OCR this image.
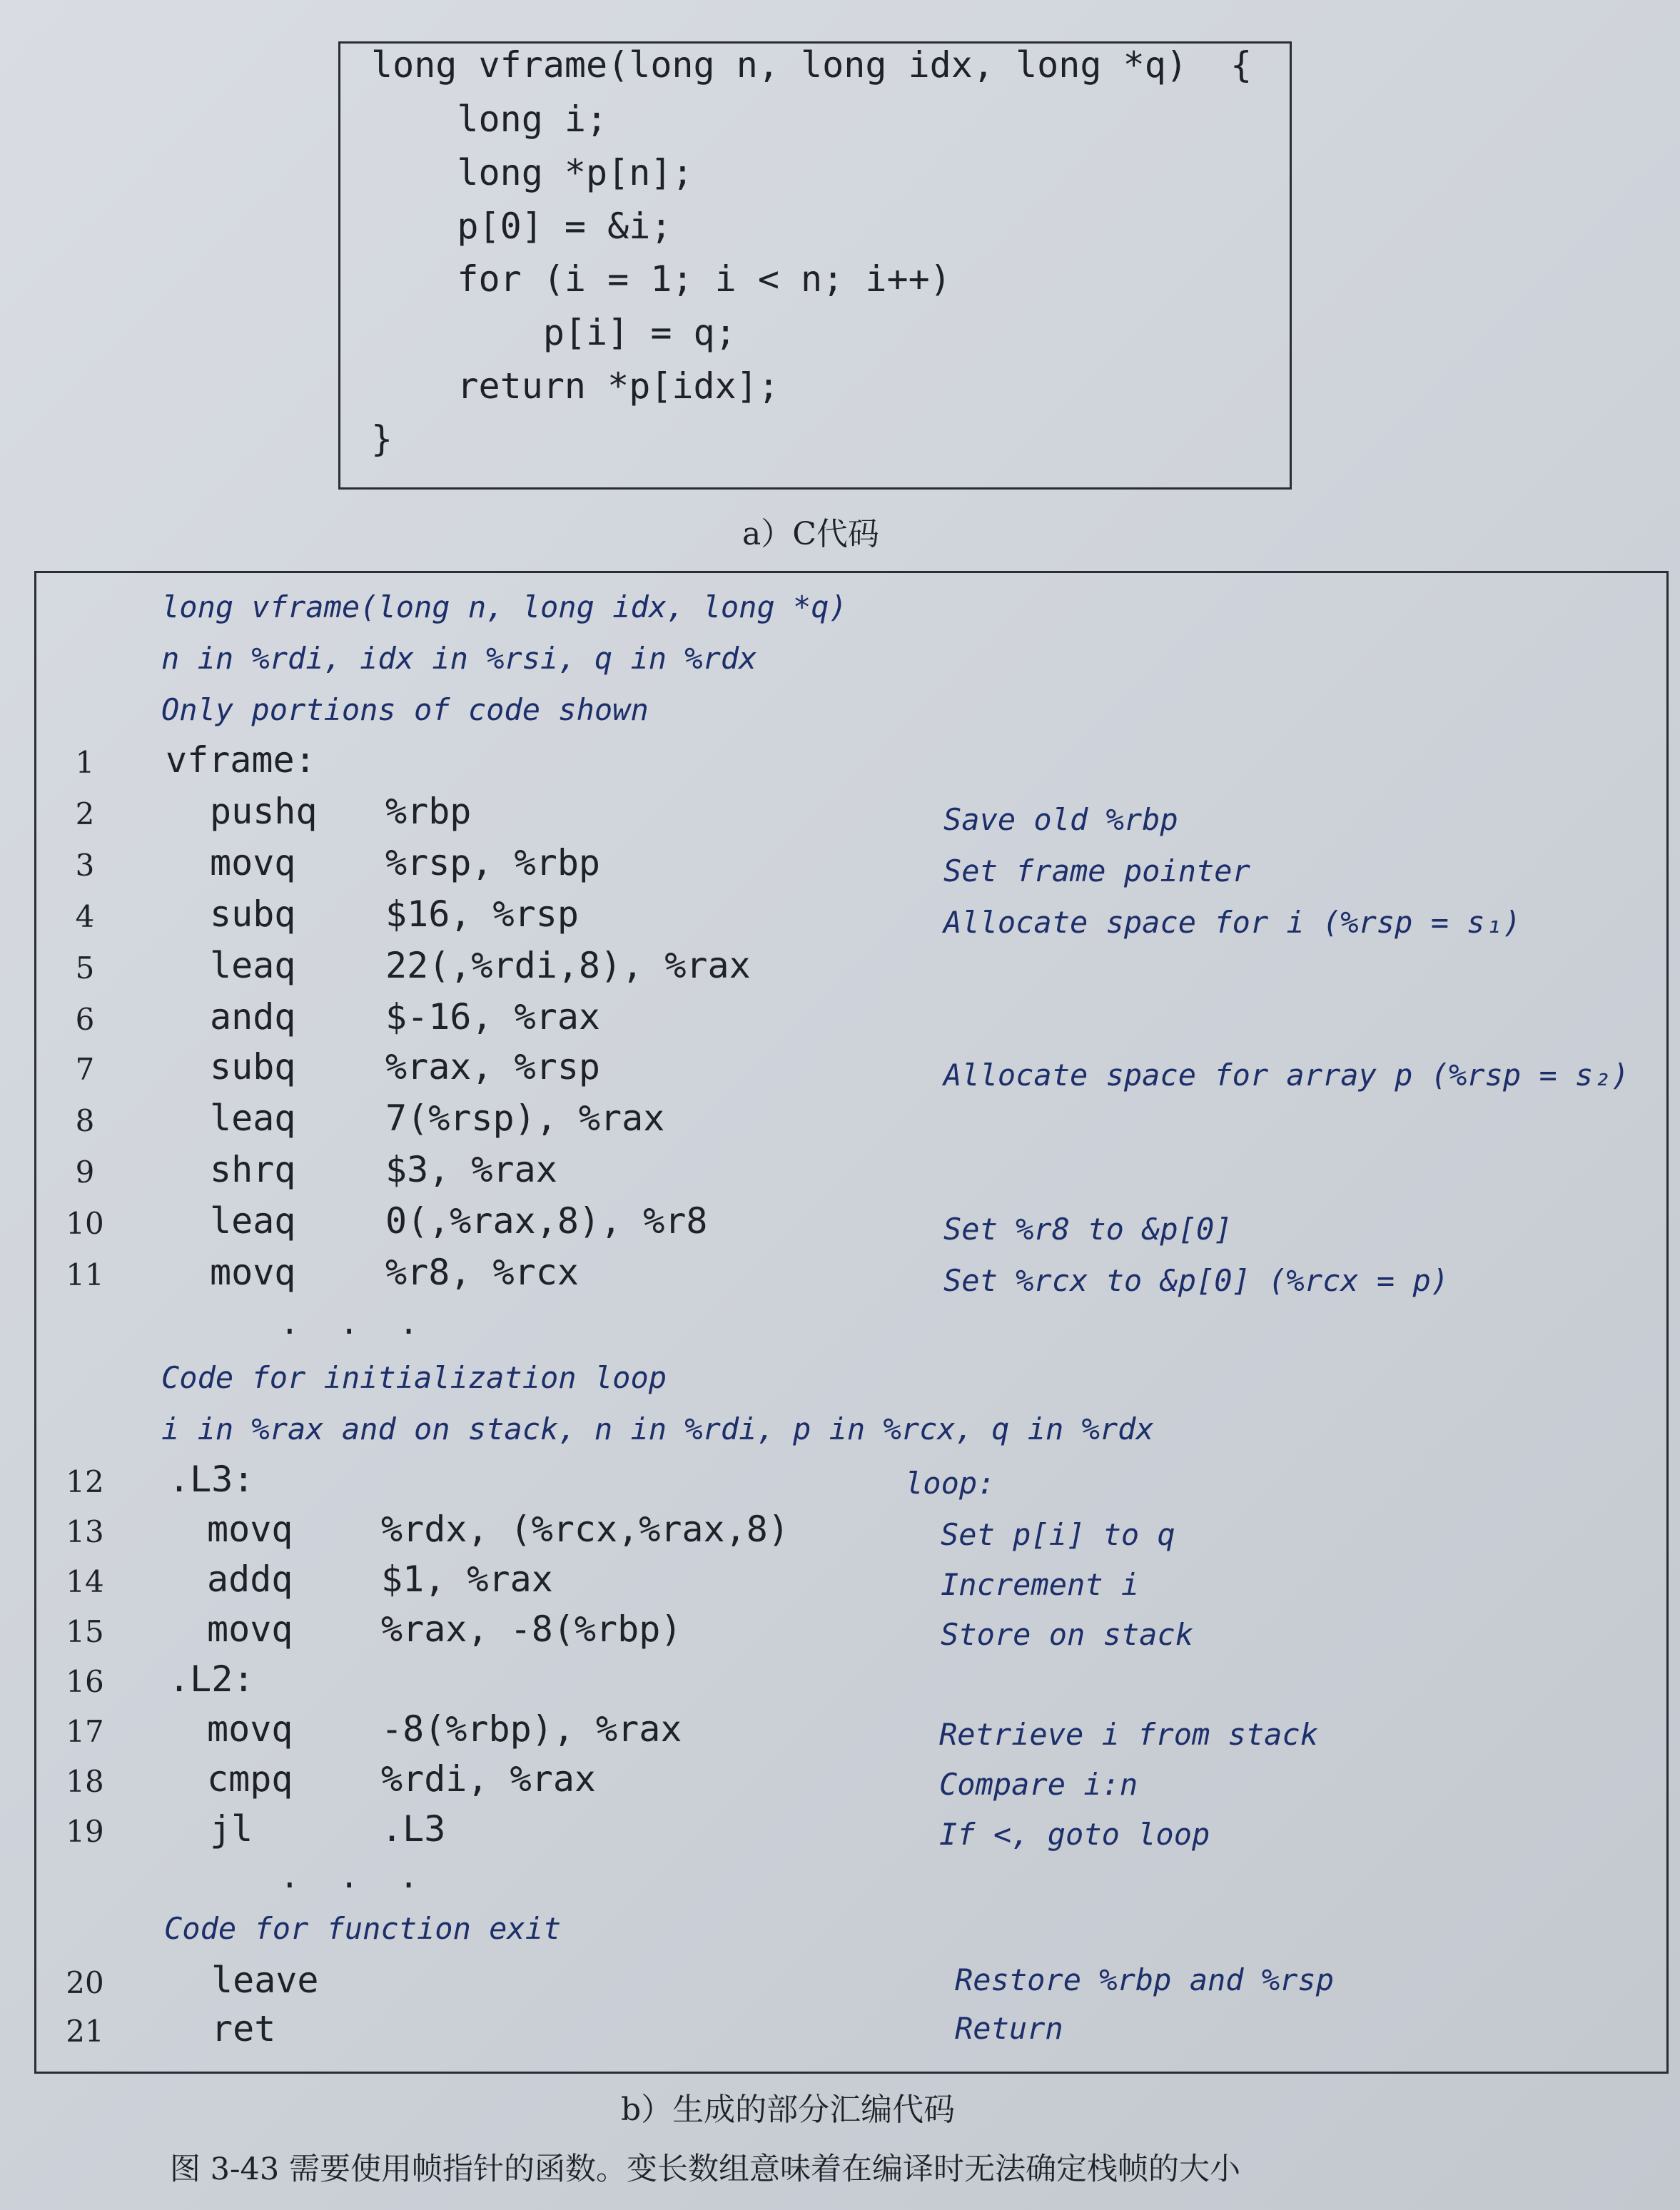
long vframe(long n, long idx, long *q)  {
long i;
long *p[n];
p[0] = &i;
for (i = 1; i < n; i++)
p[i] = q;
return *p[idx];
}
a）C代码
long vframe(long n, long idx, long *q)
n in %rdi, idx in %rsi, q in %rdx
Only portions of code shown
1	vframe:
2	pushq %rbp	Save old %rbp
3	movq	%rsp, %rbp	Set frame pointer
4	subq	$16, %rsp	Allocate space for i (%rsp = s₁)
5	leaq	22(,%rdi,8), %rax
6	andq	$-16, %rax
7	subq	%rax, %rsp	Allocate space for array p (%rsp = s₂)
8	leaq	7(%rsp), %rax
9	shrq	$3, %rax
10	leaq	0(,%rax,8), %r8	Set %r8 to &p[0]
11	movq	%r8, %rcx	Set %rcx to &p[0] (%rcx = p)
. . .
Code for initialization loop
i in %rax and on stack, n in %rdi, p in %rcx, q in %rdx
12	.L3:	loop:
13	movq %rdx, (%rcx,%rax,8)	Set p[i] to q
14	addq $1, %rax	Increment i
15	movq %rax, -8(%rbp)	Store on stack
16	.L2:
17	movq -8(%rbp), %rax	Retrieve i from stack
18	cmpq %rdi, %rax	Compare i:n
19	jl	.L3	If <, goto loop
. . .
Code for function exit
20	leave	Restore %rbp and %rsp
21	ret	Return
b）生成的部分汇编代码
图 3-43 需要使用帧指针的函数。变长数组意味着在编译时无法确定栈帧的大小
